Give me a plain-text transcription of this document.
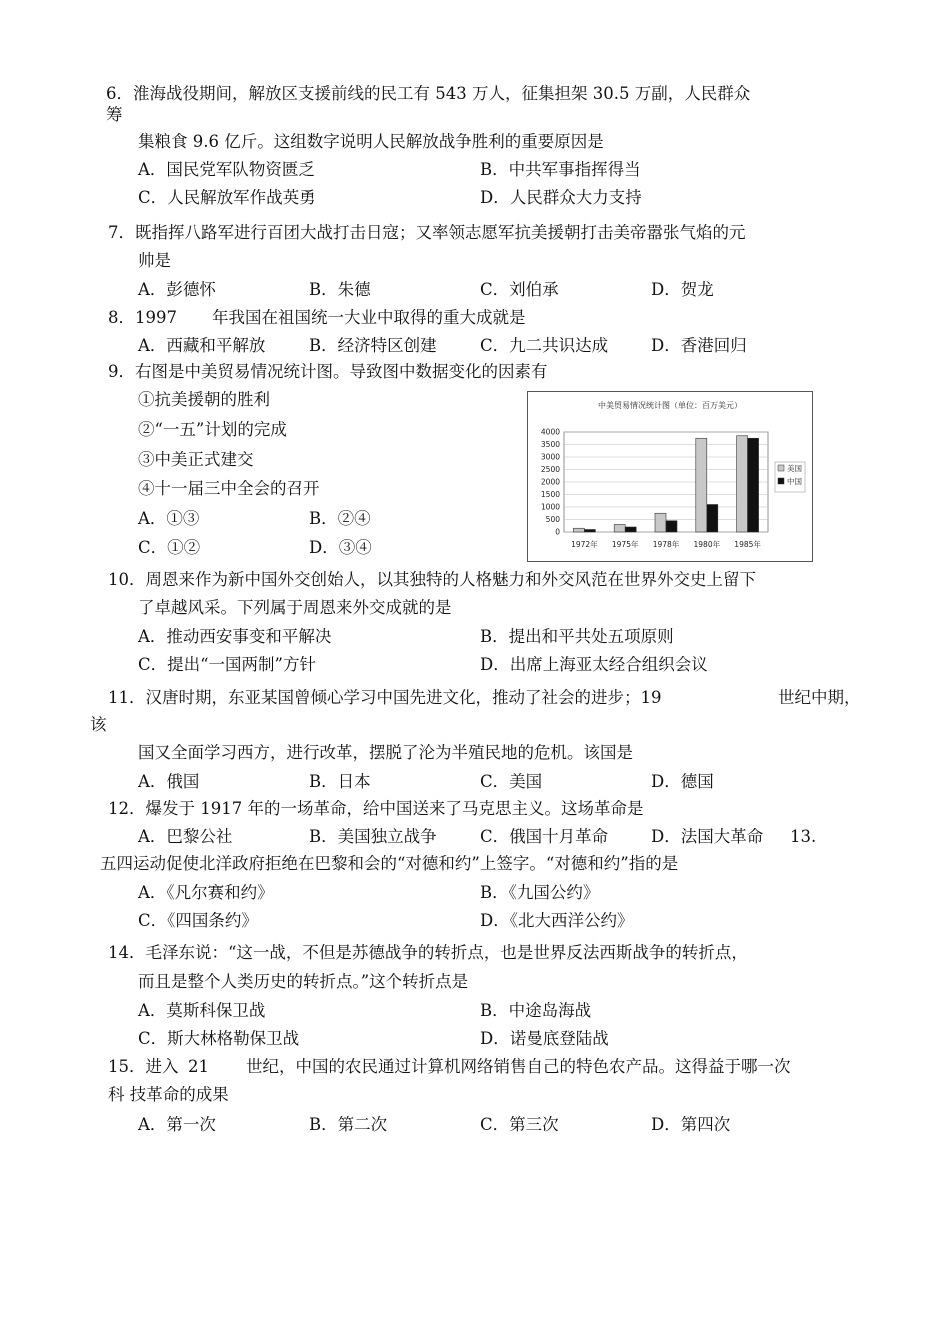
6．淮海战役期间，解放区支援前线的民工有 543 万人，征集担架 30.5 万副，人民群众
筹
集粮食 9.6 亿斤。这组数字说明人民解放战争胜利的重要原因是
A．国民党军队物资匮乏	B．中共军事指挥得当
C．人民解放军作战英勇	D．人民群众大力支持
7．既指挥八路军进行百团大战打击日寇；又率领志愿军抗美援朝打击美帝嚣张气焰的元
帅是
A．彭德怀	B．朱德	C．刘伯承	D．贺龙
8．1997 年我国在祖国统一大业中取得的重大成就是
A．西藏和平解放	B．经济特区创建	C．九二共识达成	D．香港回归
9．右图是中美贸易情况统计图。导致图中数据变化的因素有
①抗美援朝的胜利
②“一五”计划的完成
③中美正式建交
④十一届三中全会的召开
A．①③	B．②④
C．①②	D．③④
中美贸易情况统计图（单位：百万美元）
0
500
1000
1500
2000
2500
3000
3500
4000
1972年 1975年 1978年 1980年 1985年
美国
中国
10．周恩来作为新中国外交创始人，以其独特的人格魅力和外交风范在世界外交史上留下
了卓越风采。下列属于周恩来外交成就的是
A．推动西安事变和平解决	B．提出和平共处五项原则
C．提出“一国两制”方针	D．出席上海亚太经合组织会议
11．汉唐时期，东亚某国曾倾心学习中国先进文化，推动了社会的进步；19	世纪中期，
该
国又全面学习西方，进行改革，摆脱了沦为半殖民地的危机。该国是
A．俄国	B．日本	C．美国	D．德国
12．爆发于 1917 年的一场革命，给中国送来了马克思主义。这场革命是
A．巴黎公社	B．美国独立战争	C．俄国十月革命	D．法国大革命 13.
五四运动促使北洋政府拒绝在巴黎和会的“对德和约”上签字。“对德和约”指的是
A．《凡尔赛和约》	B．《九国公约》
C．《四国条约》	D．《北大西洋公约》
14．毛泽东说：“这一战，不但是苏德战争的转折点，也是世界反法西斯战争的转折点，
而且是整个人类历史的转折点。”这个转折点是
A．莫斯科保卫战	B．中途岛海战
C．斯大林格勒保卫战	D．诺曼底登陆战
15．进入 21 世纪，中国的农民通过计算机网络销售自己的特色农产品。这得益于哪一次
科 技革命的成果
A．第一次	B．第二次	C．第三次	D．第四次
